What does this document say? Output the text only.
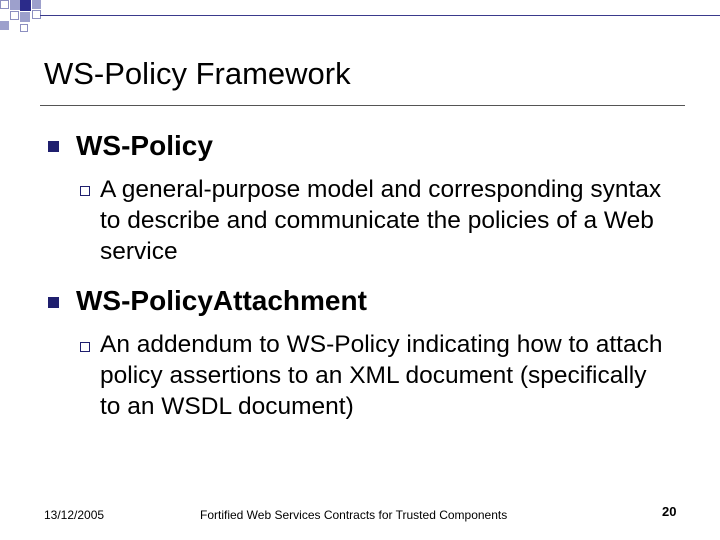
WS-Policy Framework
WS-Policy
A general-purpose model and corresponding syntax to describe and communicate the policies of a Web service
WS-PolicyAttachment
An addendum to WS-Policy indicating how to attach policy assertions to an XML document (specifically to an WSDL document)
13/12/2005	Fortified Web Services Contracts for Trusted Components	20
